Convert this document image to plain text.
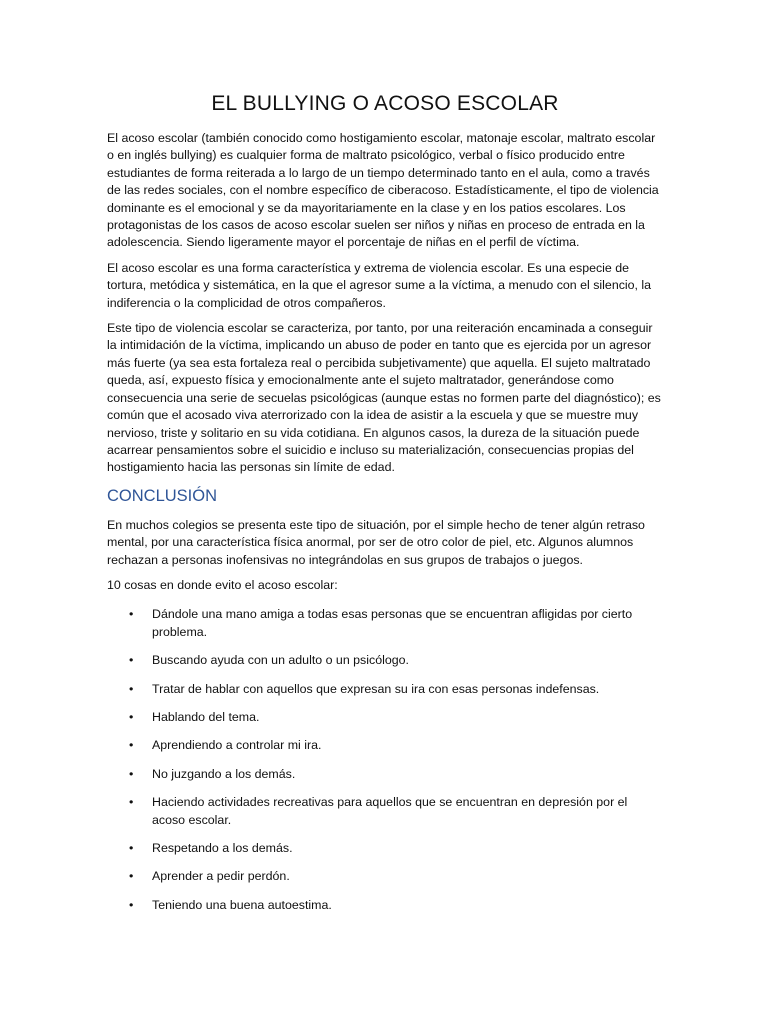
EL BULLYING O ACOSO ESCOLAR

El acoso escolar (también conocido como hostigamiento escolar, matonaje escolar, maltrato escolar o en inglés bullying) es cualquier forma de maltrato psicológico, verbal o físico producido entre estudiantes de forma reiterada a lo largo de un tiempo determinado tanto en el aula, como a través de las redes sociales, con el nombre específico de ciberacoso. Estadísticamente, el tipo de violencia dominante es el emocional y se da mayoritariamente en la clase y en los patios escolares. Los protagonistas de los casos de acoso escolar suelen ser niños y niñas en proceso de entrada en la adolescencia. Siendo ligeramente mayor el porcentaje de niñas en el perfil de víctima.

El acoso escolar es una forma característica y extrema de violencia escolar. Es una especie de tortura, metódica y sistemática, en la que el agresor sume a la víctima, a menudo con el silencio, la indiferencia o la complicidad de otros compañeros.

Este tipo de violencia escolar se caracteriza, por tanto, por una reiteración encaminada a conseguir la intimidación de la víctima, implicando un abuso de poder en tanto que es ejercida por un agresor más fuerte (ya sea esta fortaleza real o percibida subjetivamente) que aquella. El sujeto maltratado queda, así, expuesto física y emocionalmente ante el sujeto maltratador, generándose como consecuencia una serie de secuelas psicológicas (aunque estas no formen parte del diagnóstico); es común que el acosado viva aterrorizado con la idea de asistir a la escuela y que se muestre muy nervioso, triste y solitario en su vida cotidiana. En algunos casos, la dureza de la situación puede acarrear pensamientos sobre el suicidio e incluso su materialización, consecuencias propias del hostigamiento hacia las personas sin límite de edad.

CONCLUSIÓN

En muchos colegios se presenta este tipo de situación, por el simple hecho de tener algún retraso mental, por una característica física anormal, por ser de otro color de piel, etc. Algunos alumnos rechazan a personas inofensivas no integrándolas en sus grupos de trabajos o juegos.

10 cosas en donde evito el acoso escolar:

• Dándole una mano amiga a todas esas personas que se encuentran afligidas por cierto problema.
• Buscando ayuda con un adulto o un psicólogo.
• Tratar de hablar con aquellos que expresan su ira con esas personas indefensas.
• Hablando del tema.
• Aprendiendo a controlar mi ira.
• No juzgando a los demás.
• Haciendo actividades recreativas para aquellos que se encuentran en depresión por el acoso escolar.
• Respetando a los demás.
• Aprender a pedir perdón.
• Teniendo una buena autoestima.
